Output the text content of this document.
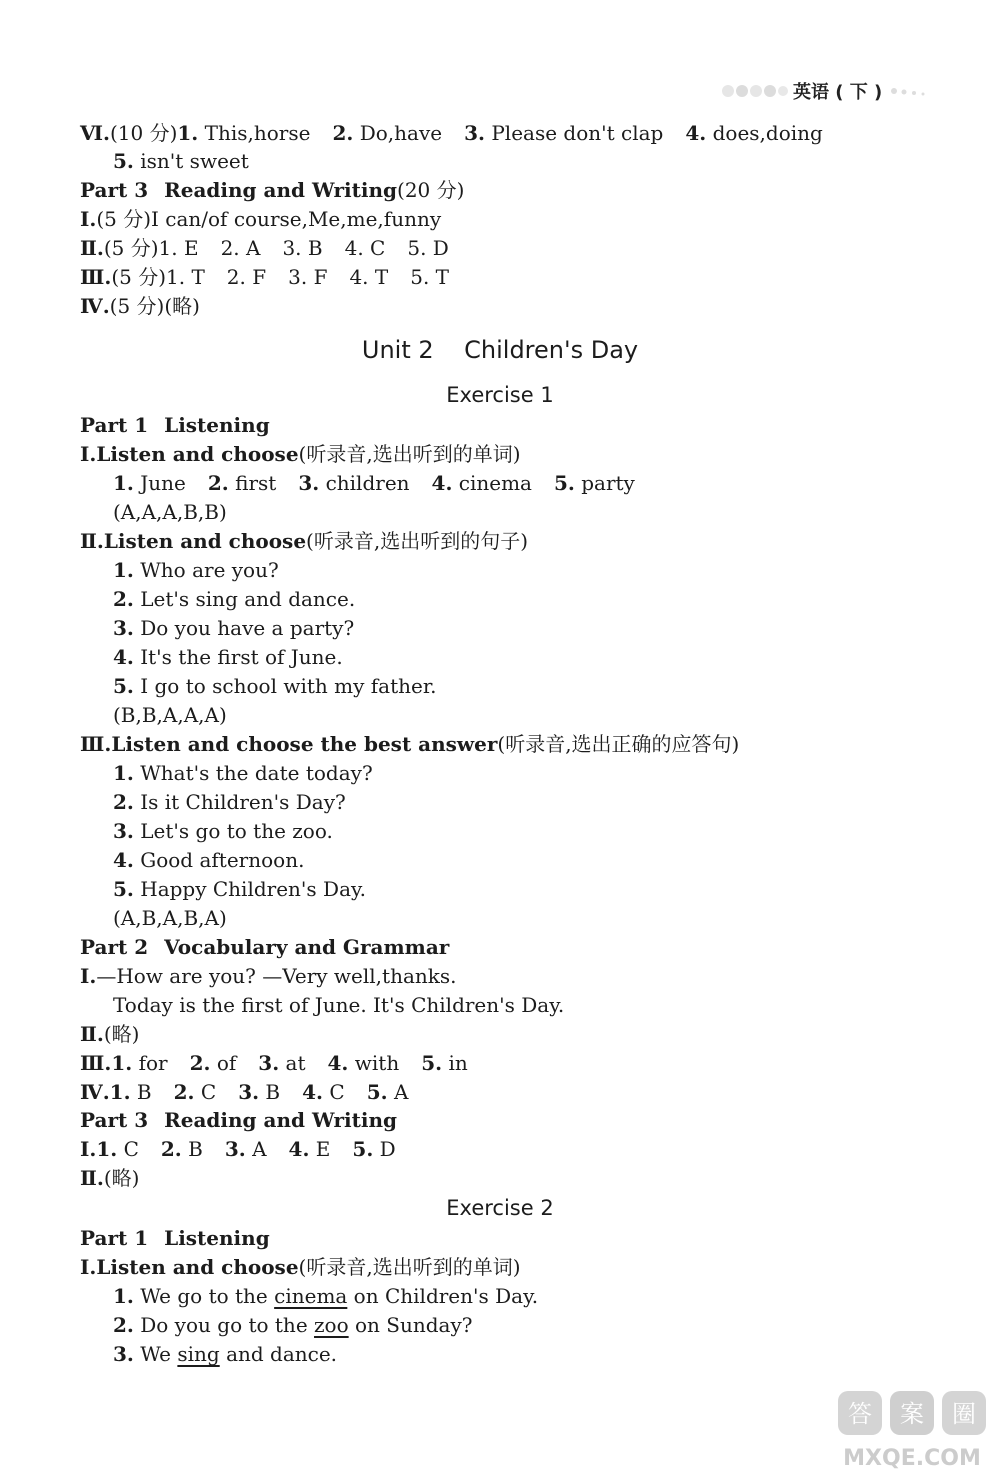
英语 ( 下 )
Ⅵ.(10 分)1. This,horse 2. Do,have 3. Please don't clap 4. does,doing
5. isn't sweet
Part 3 Reading and Writing(20 分)
Ⅰ.(5 分)I can/of course,Me,me,funny
Ⅱ.(5 分)1. E 2. A 3. B 4. C 5. D
Ⅲ.(5 分)1. T 2. F 3. F 4. T 5. T
Ⅳ.(5 分)(略)
Unit 2    Children's Day
Exercise 1
Part 1 Listening
Ⅰ.Listen and choose(听录音,选出听到的单词)
1. June 2. first 3. children 4. cinema 5. party
(A,A,A,B,B)
Ⅱ.Listen and choose(听录音,选出听到的句子)
1. Who are you?
2. Let's sing and dance.
3. Do you have a party?
4. It's the first of June.
5. I go to school with my father.
(B,B,A,A,A)
Ⅲ.Listen and choose the best answer(听录音,选出正确的应答句)
1. What's the date today?
2. Is it Children's Day?
3. Let's go to the zoo.
4. Good afternoon.
5. Happy Children's Day.
(A,B,A,B,A)
Part 2 Vocabulary and Grammar
Ⅰ.—How are you? —Very well,thanks.
Today is the first of June. It's Children's Day.
Ⅱ.(略)
Ⅲ.1. for 2. of 3. at 4. with 5. in
Ⅳ.1. B 2. C 3. B 4. C 5. A
Part 3 Reading and Writing
Ⅰ.1. C 2. B 3. A 4. E 5. D
Ⅱ.(略)
Exercise 2
Part 1 Listening
Ⅰ.Listen and choose(听录音,选出听到的单词)
1. We go to the cinema on Children's Day.
2. Do you go to the zoo on Sunday?
3. We sing and dance.
答 案 圈
MXQE.COM
